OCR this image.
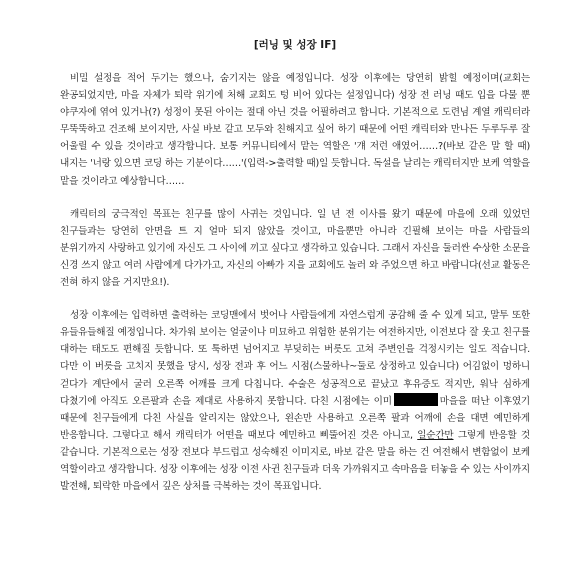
[러닝 및 성장 IF]

비밀 설정을 적어 두기는 했으나, 숨기지는 않을 예정입니다. 성장 이후에는 당연히 밝힐 예정이며(교회는 완공되었지만, 마을 자체가 퇴락 위기에 처해 교회도 텅 비어 있다는 설정입니다) 성장 전 러닝 때도 입을 다물 뿐 야쿠자에 엮여 있거나(?) 성정이 못된 아이는 절대 아닌 것을 어필하려고 합니다. 기본적으로 도련님 계열 캐릭터라 무뚝뚝하고 건조해 보이지만, 사실 바보 같고 모두와 친해지고 싶어 하기 때문에 어떤 캐릭터와 만나든 두루두루 잘 어울릴 수 있을 것이라고 생각합니다. 보통 커뮤니티에서 맡는 역할은 '걔 저런 애였어……?(바보 같은 말 할 때) 내지는 '너랑 있으면 코딩 하는 기분이다……'(입력->출력할 때)일 듯합니다. 독설을 날리는 캐릭터지만 보케 역할을 맡을 것이라고 예상합니다……

캐릭터의 궁극적인 목표는 친구를 많이 사귀는 것입니다. 일 년 전 이사를 왔기 때문에 마을에 오래 있었던 친구들과는 당연히 안면을 트 지 얼마 되지 않았을 것이고, 마을뿐만 아니라 긴필해 보이는 마을 사람들의 분위기까지 사랑하고 있기에 자신도 그 사이에 끼고 싶다고 생각하고 있습니다. 그래서 자신을 둘러싼 수상한 소문을 신경 쓰지 않고 여러 사람에게 다가가고, 자신의 아빠가 지을 교회에도 놀러 와 주었으면 하고 바랍니다(선교 활동은 전혀 하지 않을 거지만요!).

성장 이후에는 입력하면 출력하는 코딩맨에서 벗어나 사람들에게 자연스럽게 공감해 줄 수 있게 되고, 말투 또한 유들유들해질 예정입니다. 차가워 보이는 얼굴이나 미묘하고 위험한 분위기는 여전하지만, 이전보다 잘 웃고 친구를 대하는 태도도 편해질 듯합니다. 또 툭하면 넘어지고 부딪히는 버릇도 고쳐 주변인을 걱정시키는 일도 적습니다. 다만 이 버릇을 고치지 못했을 당시, 성장 전과 후 어느 시점(스물하나~둘로 상정하고 있습니다) 어김없이 멍하니 걷다가 계단에서 굴러 오른쪽 어깨를 크게 다칩니다. 수술은 성공적으로 끝났고 후유증도 적지만, 워낙 심하게 다쳤기에 아직도 오른팔과 손을 제대로 사용하지 못합니다. 다친 시점에는 이미	마을을 떠난 이후였기 때문에 친구들에게 다친 사실을 알리지는 않았으나, 왼손만 사용하고 오른쪽 팔과 어깨에 손을 대면 예민하게 반응합니다. 그렇다고 해서 캐릭터가 어떤을 때보다 예민하고 삐뚤어진 것은 아니고, 일순간만 그렇게 반응할 것 같습니다. 기본적으로는 성장 전보다 부드럽고 성숙해진 이미지로, 바보 같은 말을 하는 건 여전해서 변함없이 보케 역할이라고 생각합니다. 성장 이후에는 성장 이전 사귄 친구들과 더욱 가까워지고 속마음을 터놓을 수 있는 사이까지 발전해, 퇴락한 마을에서 깊은 상처를 극복하는 것이 목표입니다.
